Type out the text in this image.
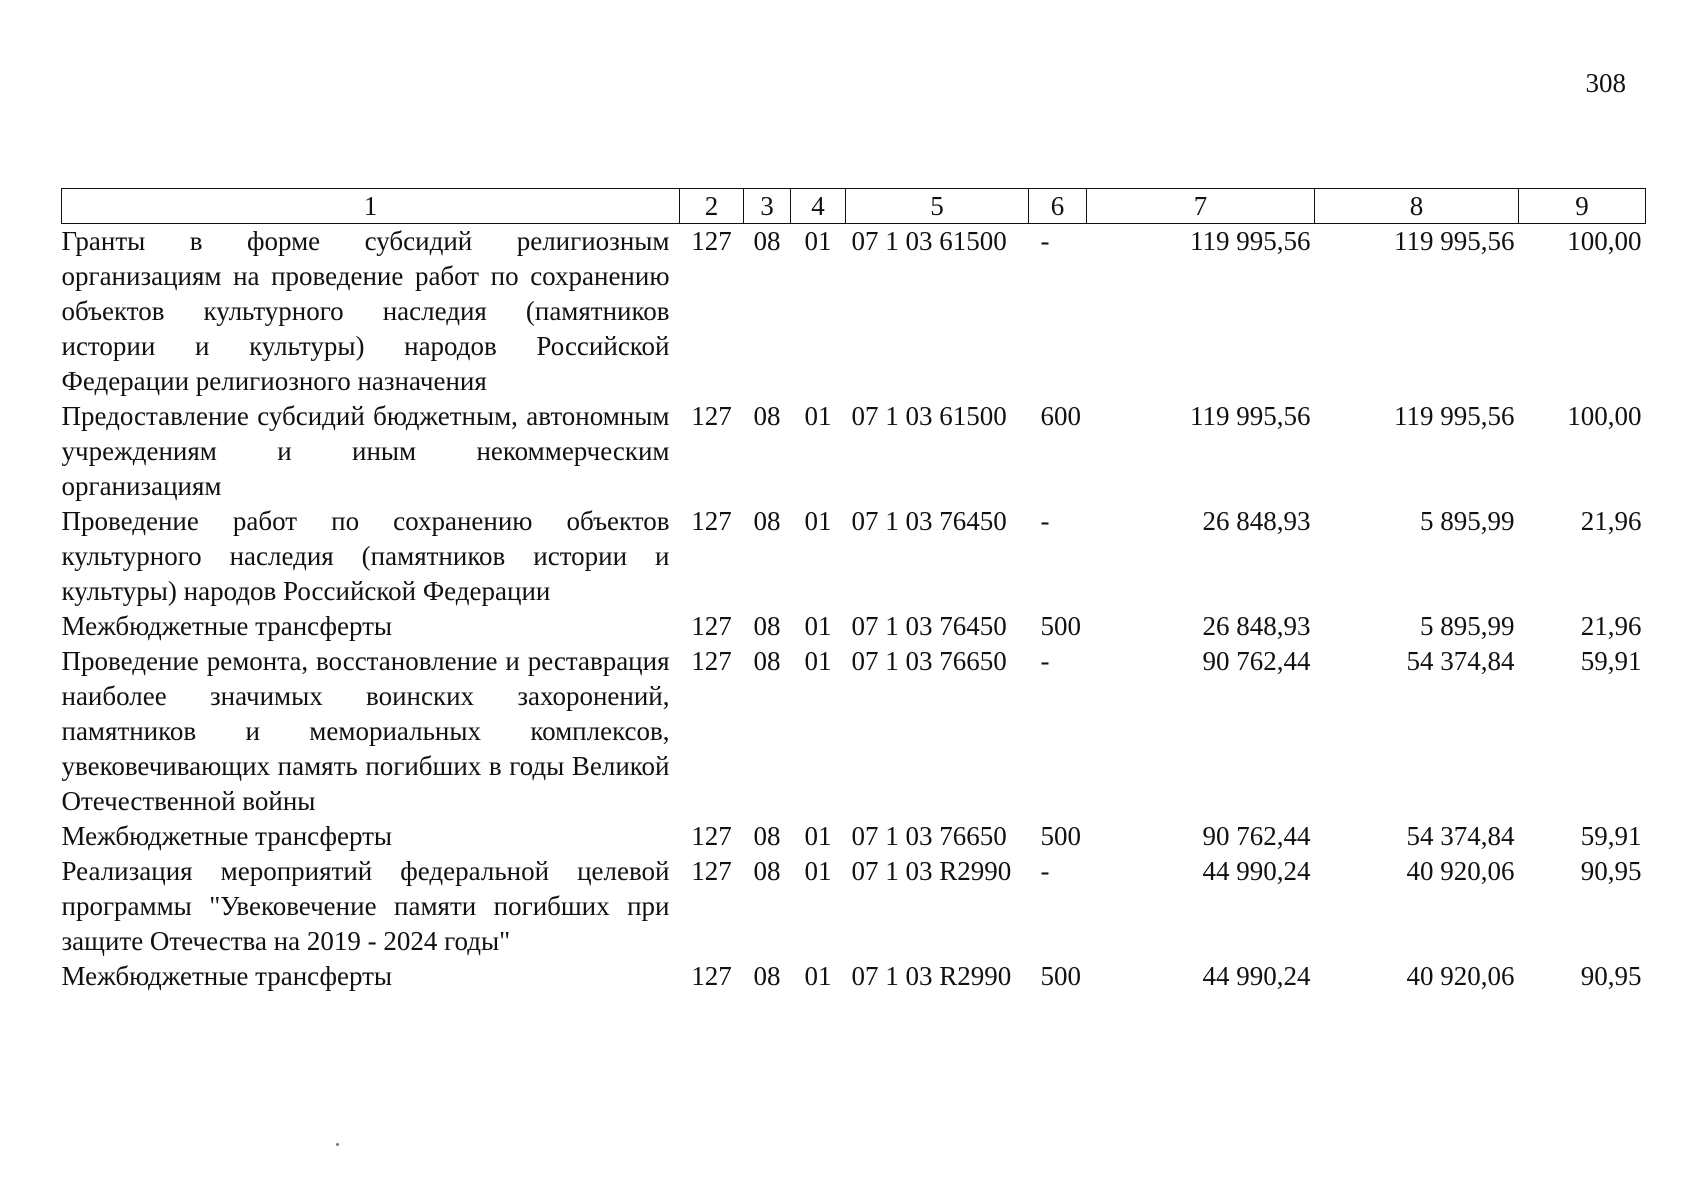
308
1	2	3	4	5	6	7	8	9
Гранты в форме субсидий религиозным организациям на проведение работ по сохранению объектов культурного наследия (памятников истории и культуры) народов Российской Федерации религиозного назначения	127	08	01	07 1 03 61500	-	119 995,56	119 995,56	100,00
Предоставление субсидий бюджетным, автономным учреждениям и иным некоммерческим организациям	127	08	01	07 1 03 61500	600	119 995,56	119 995,56	100,00
Проведение работ по сохранению объектов культурного наследия (памятников истории и культуры) народов Российской Федерации	127	08	01	07 1 03 76450	-	26 848,93	5 895,99	21,96
Межбюджетные трансферты	127	08	01	07 1 03 76450	500	26 848,93	5 895,99	21,96
Проведение ремонта, восстановление и реставрация наиболее значимых воинских захоронений, памятников и мемориальных комплексов, увековечивающих память погибших в годы Великой Отечественной войны	127	08	01	07 1 03 76650	-	90 762,44	54 374,84	59,91
Межбюджетные трансферты	127	08	01	07 1 03 76650	500	90 762,44	54 374,84	59,91
Реализация мероприятий федеральной целевой программы "Увековечение памяти погибших при защите Отечества на 2019 - 2024 годы"	127	08	01	07 1 03 R2990	-	44 990,24	40 920,06	90,95
Межбюджетные трансферты	127	08	01	07 1 03 R2990	500	44 990,24	40 920,06	90,95
